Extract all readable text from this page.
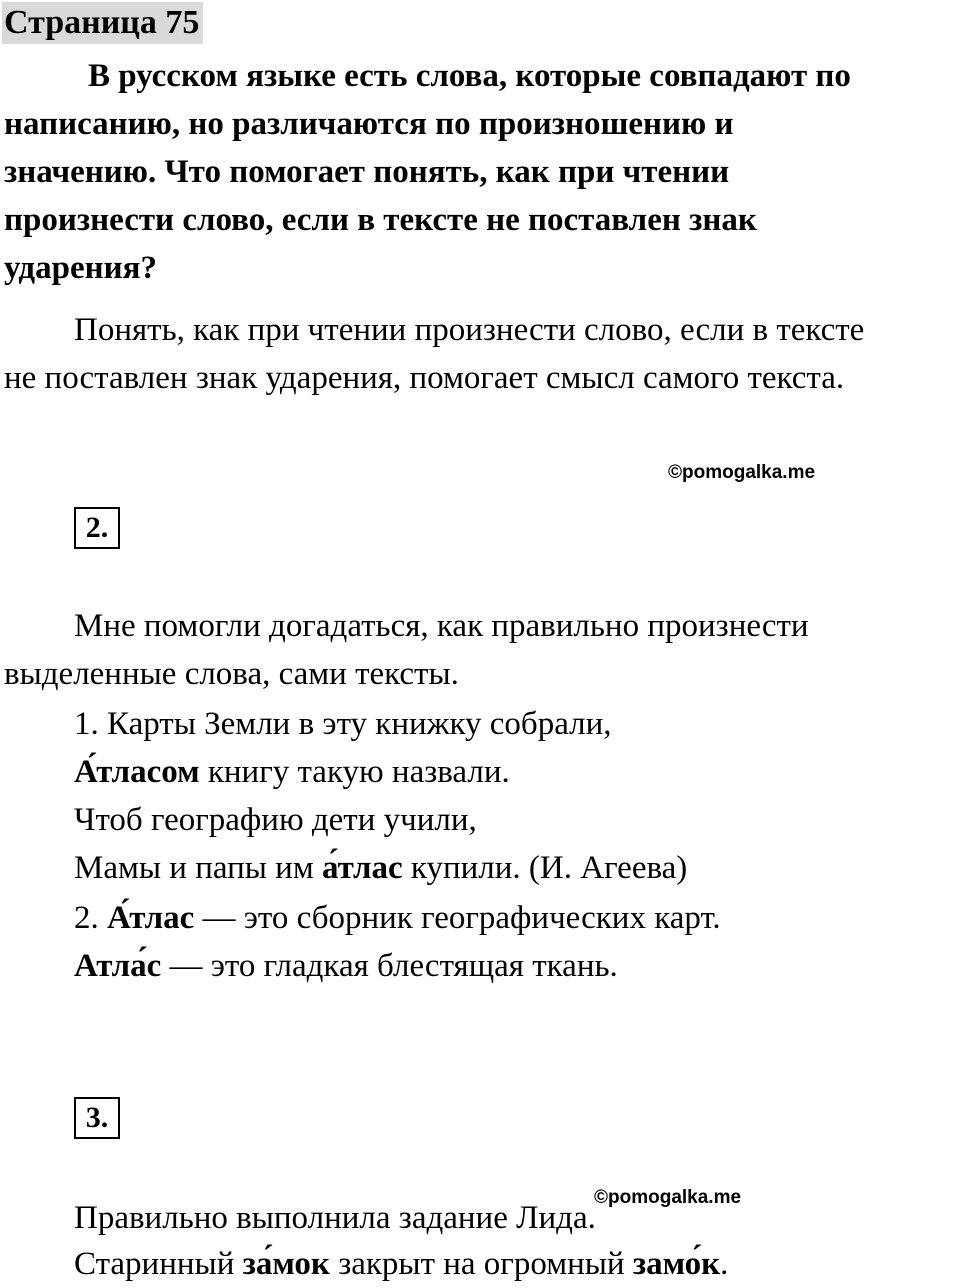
Страница 75
В русском языке есть слова, которые совпадают по
написанию, но различаются по произношению и
значению. Что помогает понять, как при чтении
произнести слово, если в тексте не поставлен знак
ударения?
Понять, как при чтении произнести слово, если в тексте
не поставлен знак ударения, помогает смысл самого текста.
©pomogalka.me
2.
Мне помогли догадаться, как правильно произнести
выделенные слова, сами тексты.
1. Карты Земли в эту книжку собрали,
А́тласом книгу такую назвали.
Чтоб географию дети учили,
Мамы и папы им а́тлас купили. (И. Агеева)
2. А́тлас — это сборник географических карт.
Атла́с — это гладкая блестящая ткань.
3.
Правильно выполнила задание Лида.
©pomogalka.me
Старинный за́мок закрыт на огромный замо́к.
